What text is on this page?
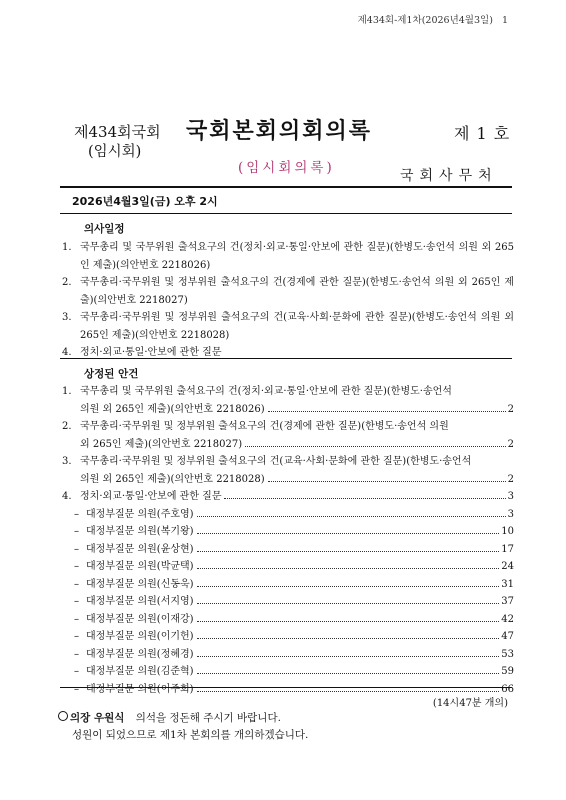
제434회-제1차(2026년4월3일) 1
제434회국회
(임시회)
국회본회의회의록	제 1 호
(임시회의록)	국회사무처
2026년4월3일(금) 오후 2시
의사일정
1. 국무총리 및 국무위원 출석요구의 건(정치·외교·통일·안보에 관한 질문)(한병도·송언석 의원 외 265인 제출)(의안번호 2218026)
2. 국무총리·국무위원 및 정부위원 출석요구의 건(경제에 관한 질문)(한병도·송언석 의원 외 265인 제출)(의안번호 2218027)
3. 국무총리·국무위원 및 정부위원 출석요구의 건(교육·사회·문화에 관한 질문)(한병도·송언석 의원 외 265인 제출)(의안번호 2218028)
4. 정치·외교·통일·안보에 관한 질문
상정된 안건
1. 국무총리 및 국무위원 출석요구의 건(정치·외교·통일·안보에 관한 질문)(한병도·송언석
의원 외 265인 제출)(의안번호 2218026)	2
2. 국무총리·국무위원 및 정부위원 출석요구의 건(경제에 관한 질문)(한병도·송언석 의원
외 265인 제출)(의안번호 2218027)	2
3. 국무총리·국무위원 및 정부위원 출석요구의 건(교육·사회·문화에 관한 질문)(한병도·송언석
의원 외 265인 제출)(의안번호 2218028)	2
4. 정치·외교·통일·안보에 관한 질문	3
– 대정부질문 의원(주호영)	3
– 대정부질문 의원(복기왕)	10
– 대정부질문 의원(윤상현)	17
– 대정부질문 의원(박균택)	24
– 대정부질문 의원(신동욱)	31
– 대정부질문 의원(서지영)	37
– 대정부질문 의원(이재강)	42
– 대정부질문 의원(이기헌)	47
– 대정부질문 의원(정혜경)	53
– 대정부질문 의원(김준혁)	59
– 대정부질문 의원(이주희)	66
(14시47분 개의)
의장 우원식 의석을 정돈해 주시기 바랍니다.
성원이 되었으므로 제1차 본회의를 개의하겠습니다.
